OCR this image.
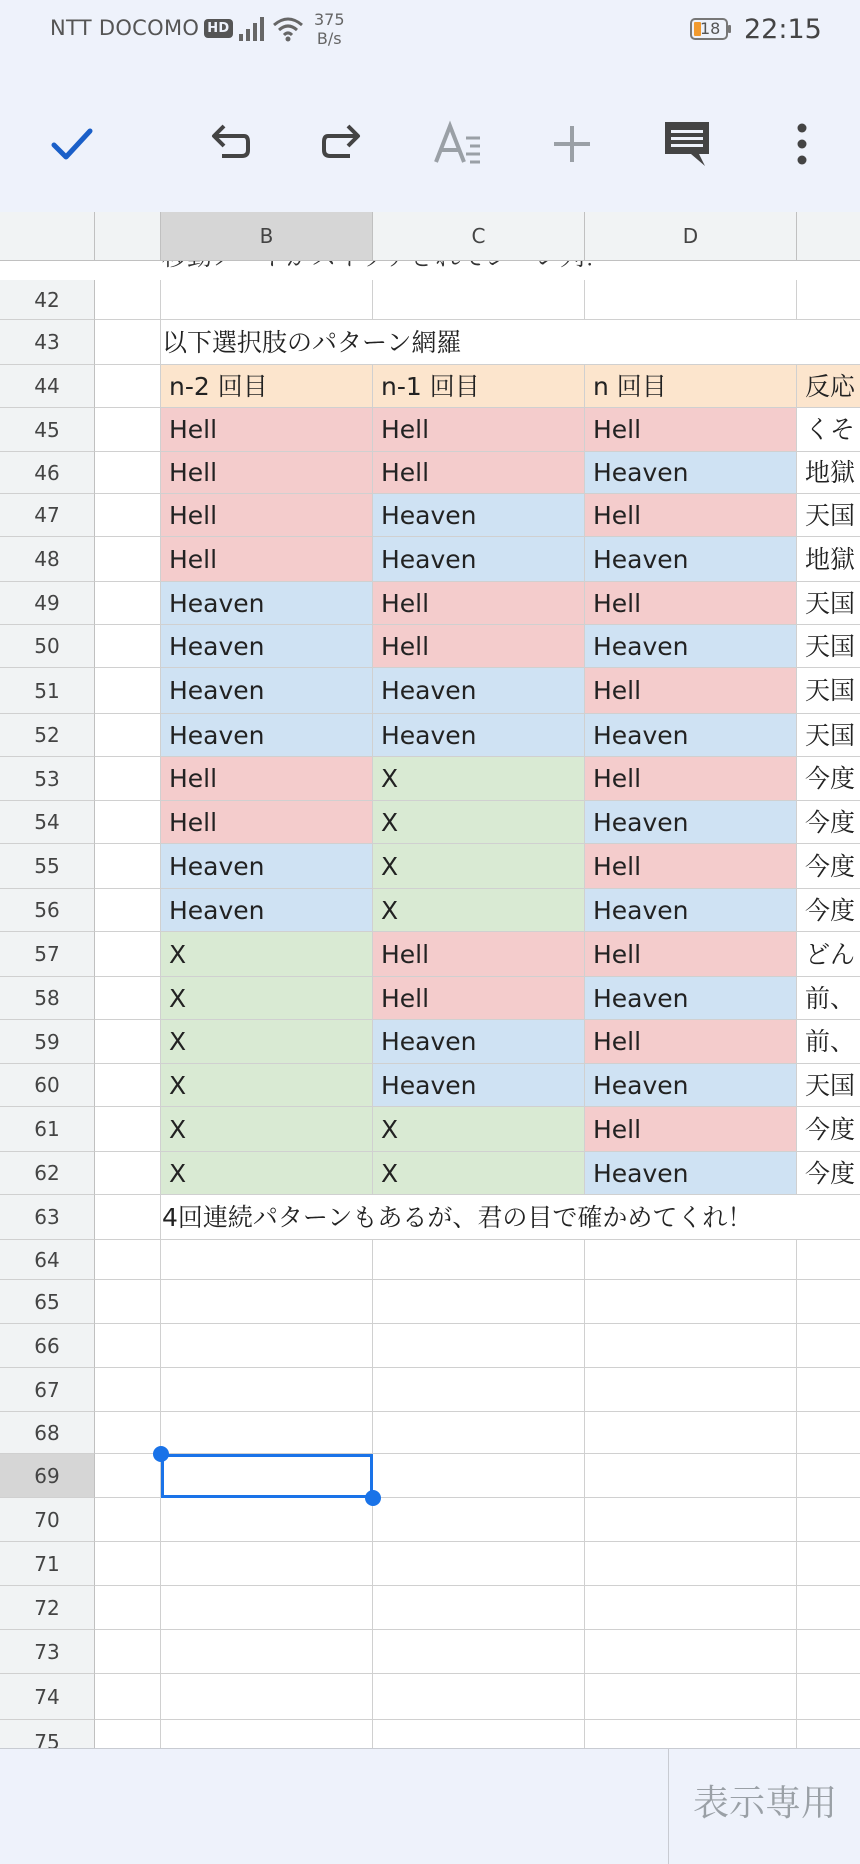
NTT DOCOMO HD	375
B/s
18 22:15
42
43	以下選択肢のパターン網羅
44	n-2 回目	n-1 回目	n 回目	反応
45	Hell	Hell	Hell	くそ
46	Hell	Hell	Heaven	地獄
47	Hell	Heaven	Hell	天国
48	Hell	Heaven	Heaven	地獄
49	Heaven	Hell	Hell	天国
50	Heaven	Hell	Heaven	天国
51	Heaven	Heaven	Hell	天国
52	Heaven	Heaven	Heaven	天国
53	Hell	X	Hell	今度
54	Hell	X	Heaven	今度
55	Heaven	X	Hell	今度
56	Heaven	X	Heaven	今度
57	X	Hell	Hell	どん
58	X	Hell	Heaven	前、
59	X	Heaven	Hell	前、
60	X	Heaven	Heaven	天国
61	X	X	Hell	今度
62	X	X	Heaven	今度
63	4回連続パターンもあるが、君の目で確かめてくれ！
64
65
66
67
68
69
70
71
72
73
74
75
B	C	D
表示専用
